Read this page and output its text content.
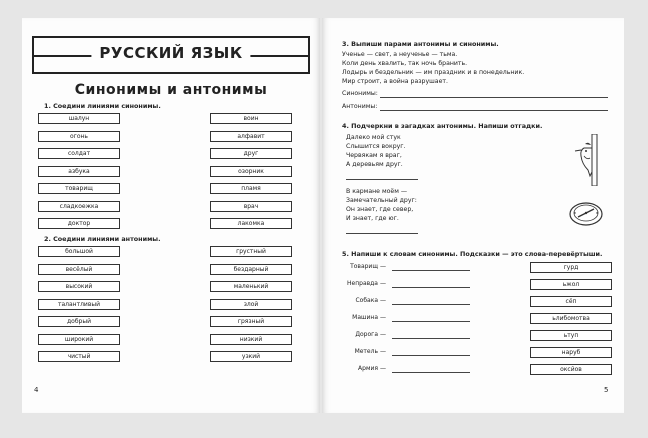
РУССКИЙ ЯЗЫК
Синонимы и антонимы
1. Соедини линиями синонимы.
шалун
огонь
солдат
азбука
товарищ
сладкоежка
доктор
воин
алфавит
друг
озорник
пламя
врач
лакомка
2. Соедини линиями антонимы.
большой
весёлый
высокий
талантливый
добрый
широкий
чистый
грустный
бездарный
маленький
злой
грязный
низкий
узкий
4
3. Выпиши парами антонимы и синонимы.
Ученье — свет, а неученье — тьма.
Коли день хвалить, так ночь бранить.
Лодырь и бездельник — им праздник и в понедельник.
Мир строит, а война разрушает.
Синонимы:
Антонимы:
4. Подчеркни в загадках антонимы. Напиши отгадки.
Далеко мой стук
Слышится вокруг.
Червякам я враг,
А деревьям друг.
В кармане моём —
Замечательный друг:
Он знает, где север,
И знает, где юг.
5. Напиши к словам синонимы. Подсказки — это слова-перевёртыши.
Товарищ —
Неправда —
Собака —
Машина —
Дорога —
Метель —
Армия —
гурд
ьжол
сёп
ьлибомотва
ьтуп
наруб
оксйов
5
